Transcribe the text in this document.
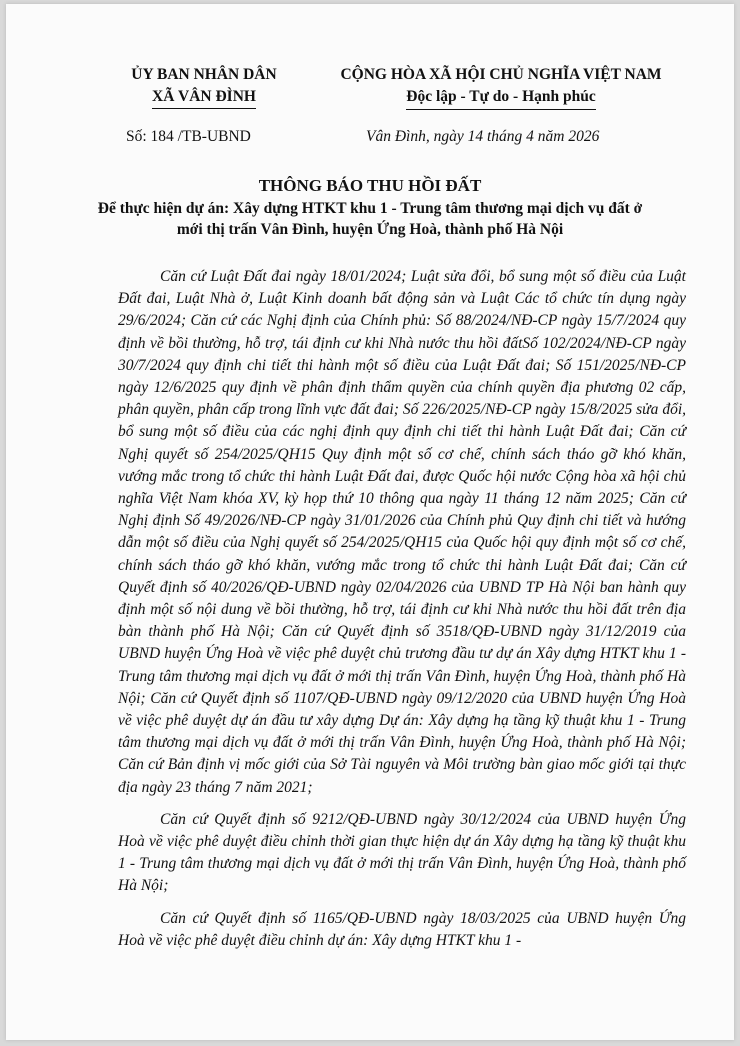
ỦY BAN NHÂN DÂN

XÃ VÂN ĐÌNH

CỘNG HÒA XÃ HỘI CHỦ NGHĨA VIỆT NAM

Độc lập - Tự do - Hạnh phúc

Số: 184 /TB-UBND	Vân Đình, ngày 14 tháng 4 năm 2026

THÔNG BÁO THU HỒI ĐẤT

Để thực hiện dự án: Xây dựng HTKT khu 1 - Trung tâm thương mại dịch vụ đất ở mới thị trấn Vân Đình, huyện Ứng Hoà, thành phố Hà Nội

Căn cứ Luật Đất đai ngày 18/01/2024; Luật sửa đổi, bổ sung một số điều của Luật Đất đai, Luật Nhà ở, Luật Kinh doanh bất động sản và Luật Các tổ chức tín dụng ngày 29/6/2024; Căn cứ các Nghị định của Chính phủ: Số 88/2024/NĐ-CP ngày 15/7/2024 quy định về bồi thường, hỗ trợ, tái định cư khi Nhà nước thu hồi đấtSố 102/2024/NĐ-CP ngày 30/7/2024 quy định chi tiết thi hành một số điều của Luật Đất đai; Số 151/2025/NĐ-CP ngày 12/6/2025 quy định về phân định thẩm quyền của chính quyền địa phương 02 cấp, phân quyền, phân cấp trong lĩnh vực đất đai; Số 226/2025/NĐ-CP ngày 15/8/2025 sửa đổi, bổ sung một số điều của các nghị định quy định chi tiết thi hành Luật Đất đai; Căn cứ Nghị quyết số 254/2025/QH15 Quy định một số cơ chế, chính sách tháo gỡ khó khăn, vướng mắc trong tổ chức thi hành Luật Đất đai, được Quốc hội nước Cộng hòa xã hội chủ nghĩa Việt Nam khóa XV, kỳ họp thứ 10 thông qua ngày 11 tháng 12 năm 2025; Căn cứ Nghị định Số 49/2026/NĐ-CP ngày 31/01/2026 của Chính phủ Quy định chi tiết và hướng dẫn một số điều của Nghị quyết số 254/2025/QH15 của Quốc hội quy định một số cơ chế, chính sách tháo gỡ khó khăn, vướng mắc trong tổ chức thi hành Luật Đất đai; Căn cứ Quyết định số 40/2026/QĐ-UBND ngày 02/04/2026 của UBND TP Hà Nội ban hành quy định một số nội dung về bồi thường, hỗ trợ, tái định cư khi Nhà nước thu hồi đất trên địa bàn thành phố Hà Nội; Căn cứ Quyết định số 3518/QĐ-UBND ngày 31/12/2019 của UBND huyện Ứng Hoà về việc phê duyệt chủ trương đầu tư dự án Xây dựng HTKT khu 1 - Trung tâm thương mại dịch vụ đất ở mới thị trấn Vân Đình, huyện Ứng Hoà, thành phố Hà Nội; Căn cứ Quyết định số 1107/QĐ-UBND ngày 09/12/2020 của UBND huyện Ứng Hoà về việc phê duyệt dự án đầu tư xây dựng Dự án: Xây dựng hạ tầng kỹ thuật khu 1 - Trung tâm thương mại dịch vụ đất ở mới thị trấn Vân Đình, huyện Ứng Hoà, thành phố Hà Nội; Căn cứ Bản định vị mốc giới của Sở Tài nguyên và Môi trường bàn giao mốc giới tại thực địa ngày 23 tháng 7 năm 2021;

Căn cứ Quyết định số 9212/QĐ-UBND ngày 30/12/2024 của UBND huyện Ứng Hoà về việc phê duyệt điều chỉnh thời gian thực hiện dự án Xây dựng hạ tầng kỹ thuật khu 1 - Trung tâm thương mại dịch vụ đất ở mới thị trấn Vân Đình, huyện Ứng Hoà, thành phố Hà Nội;

Căn cứ Quyết định số 1165/QĐ-UBND ngày 18/03/2025 của UBND huyện Ứng Hoà về việc phê duyệt điều chỉnh dự án: Xây dựng HTKT khu 1 -
